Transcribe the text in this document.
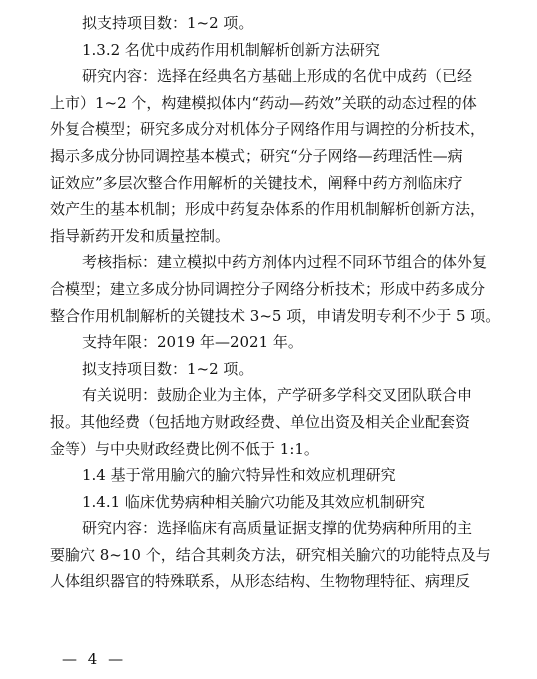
拟支持项目数：1~2 项。

1.3.2 名优中成药作用机制解析创新方法研究

研究内容：选择在经典名方基础上形成的名优中成药（已经

上市）1~2 个，构建模拟体内“药动—药效”关联的动态过程的体

外复合模型；研究多成分对机体分子网络作用与调控的分析技术，

揭示多成分协同调控基本模式；研究“分子网络—药理活性—病

证效应”多层次整合作用解析的关键技术，阐释中药方剂临床疗

效产生的基本机制；形成中药复杂体系的作用机制解析创新方法，

指导新药开发和质量控制。

考核指标：建立模拟中药方剂体内过程不同环节组合的体外复

合模型；建立多成分协同调控分子网络分析技术；形成中药多成分

整合作用机制解析的关键技术 3~5 项，申请发明专利不少于 5 项。

支持年限：2019 年—2021 年。

拟支持项目数：1~2 项。

有关说明：鼓励企业为主体，产学研多学科交叉团队联合申

报。其他经费（包括地方财政经费、单位出资及相关企业配套资

金等）与中央财政经费比例不低于 1:1。

1.4 基于常用腧穴的腧穴特异性和效应机理研究

1.4.1 临床优势病种相关腧穴功能及其效应机制研究

研究内容：选择临床有高质量证据支撑的优势病种所用的主

要腧穴 8~10 个，结合其刺灸方法，研究相关腧穴的功能特点及与

人体组织器官的特殊联系，从形态结构、生物物理特征、病理反

— 4 —
